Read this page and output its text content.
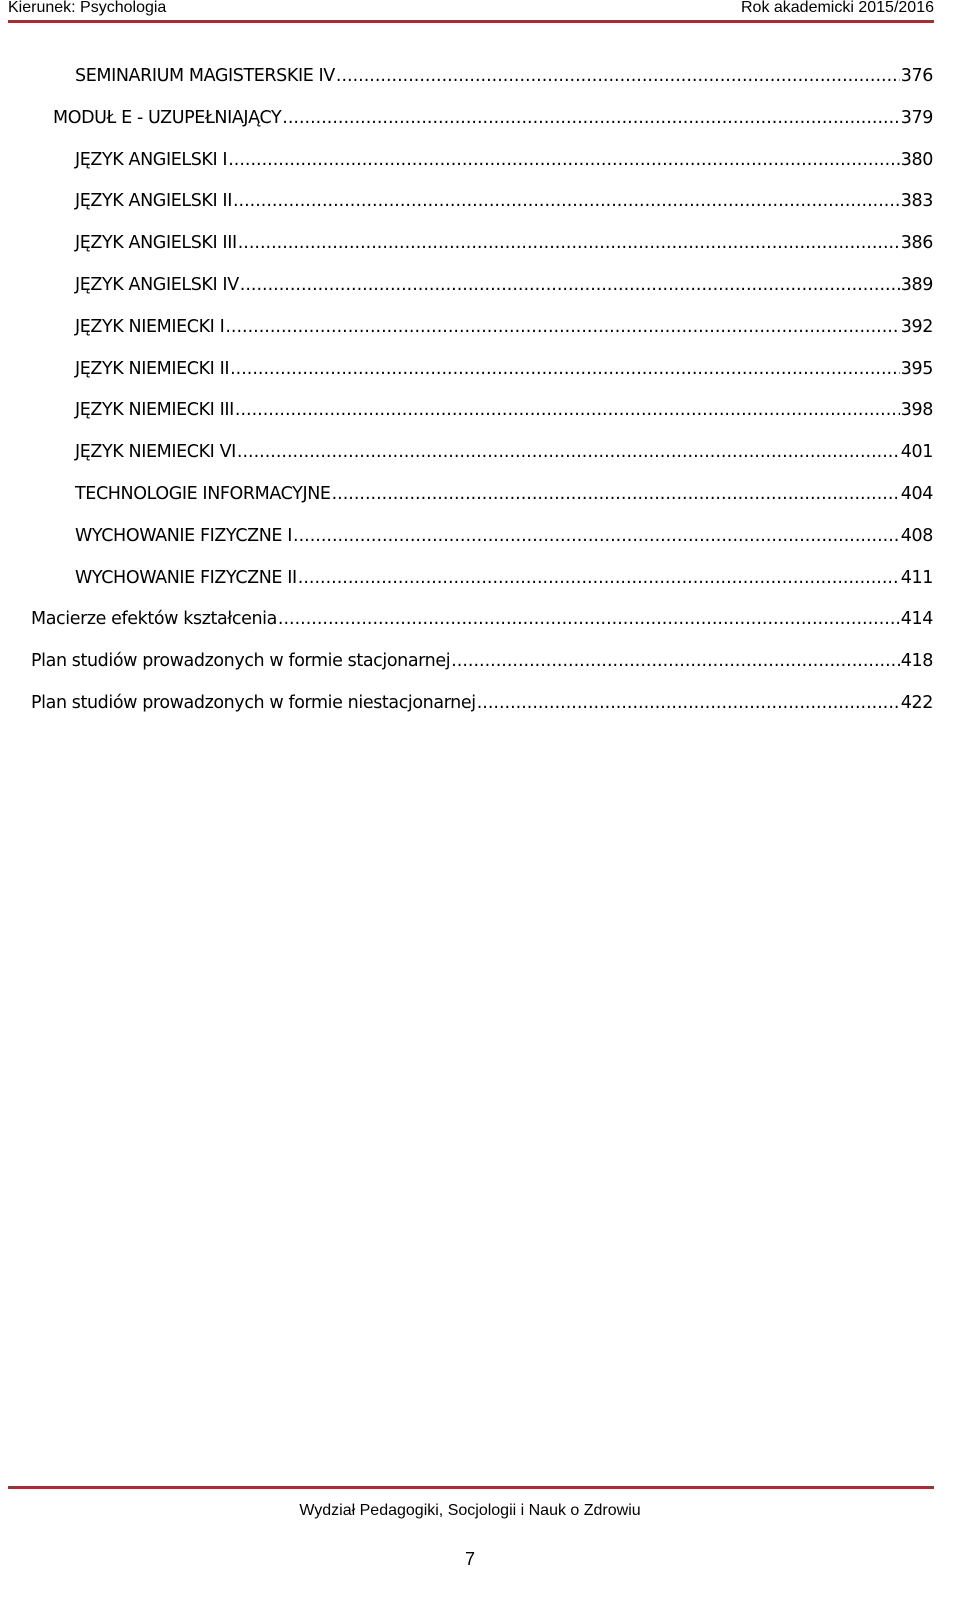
Kierunek: Psychologia	Rok akademicki 2015/2016
SEMINARIUM MAGISTERSKIE IV .....	376
MODUŁ E - UZUPEŁNIAJĄCY .....	379
JĘZYK ANGIELSKI I .....	380
JĘZYK ANGIELSKI II .....	383
JĘZYK ANGIELSKI III .....	386
JĘZYK ANGIELSKI IV .....	389
JĘZYK NIEMIECKI I .....	392
JĘZYK NIEMIECKI II .....	395
JĘZYK NIEMIECKI III .....	398
JĘZYK NIEMIECKI VI .....	401
TECHNOLOGIE INFORMACYJNE .....	404
WYCHOWANIE FIZYCZNE I .....	408
WYCHOWANIE FIZYCZNE II .....	411
Macierze efektów kształcenia .....	414
Plan studiów prowadzonych w formie stacjonarnej .....	418
Plan studiów prowadzonych w formie niestacjonarnej .....	422
Wydział Pedagogiki, Socjologii i Nauk o Zdrowiu
7
